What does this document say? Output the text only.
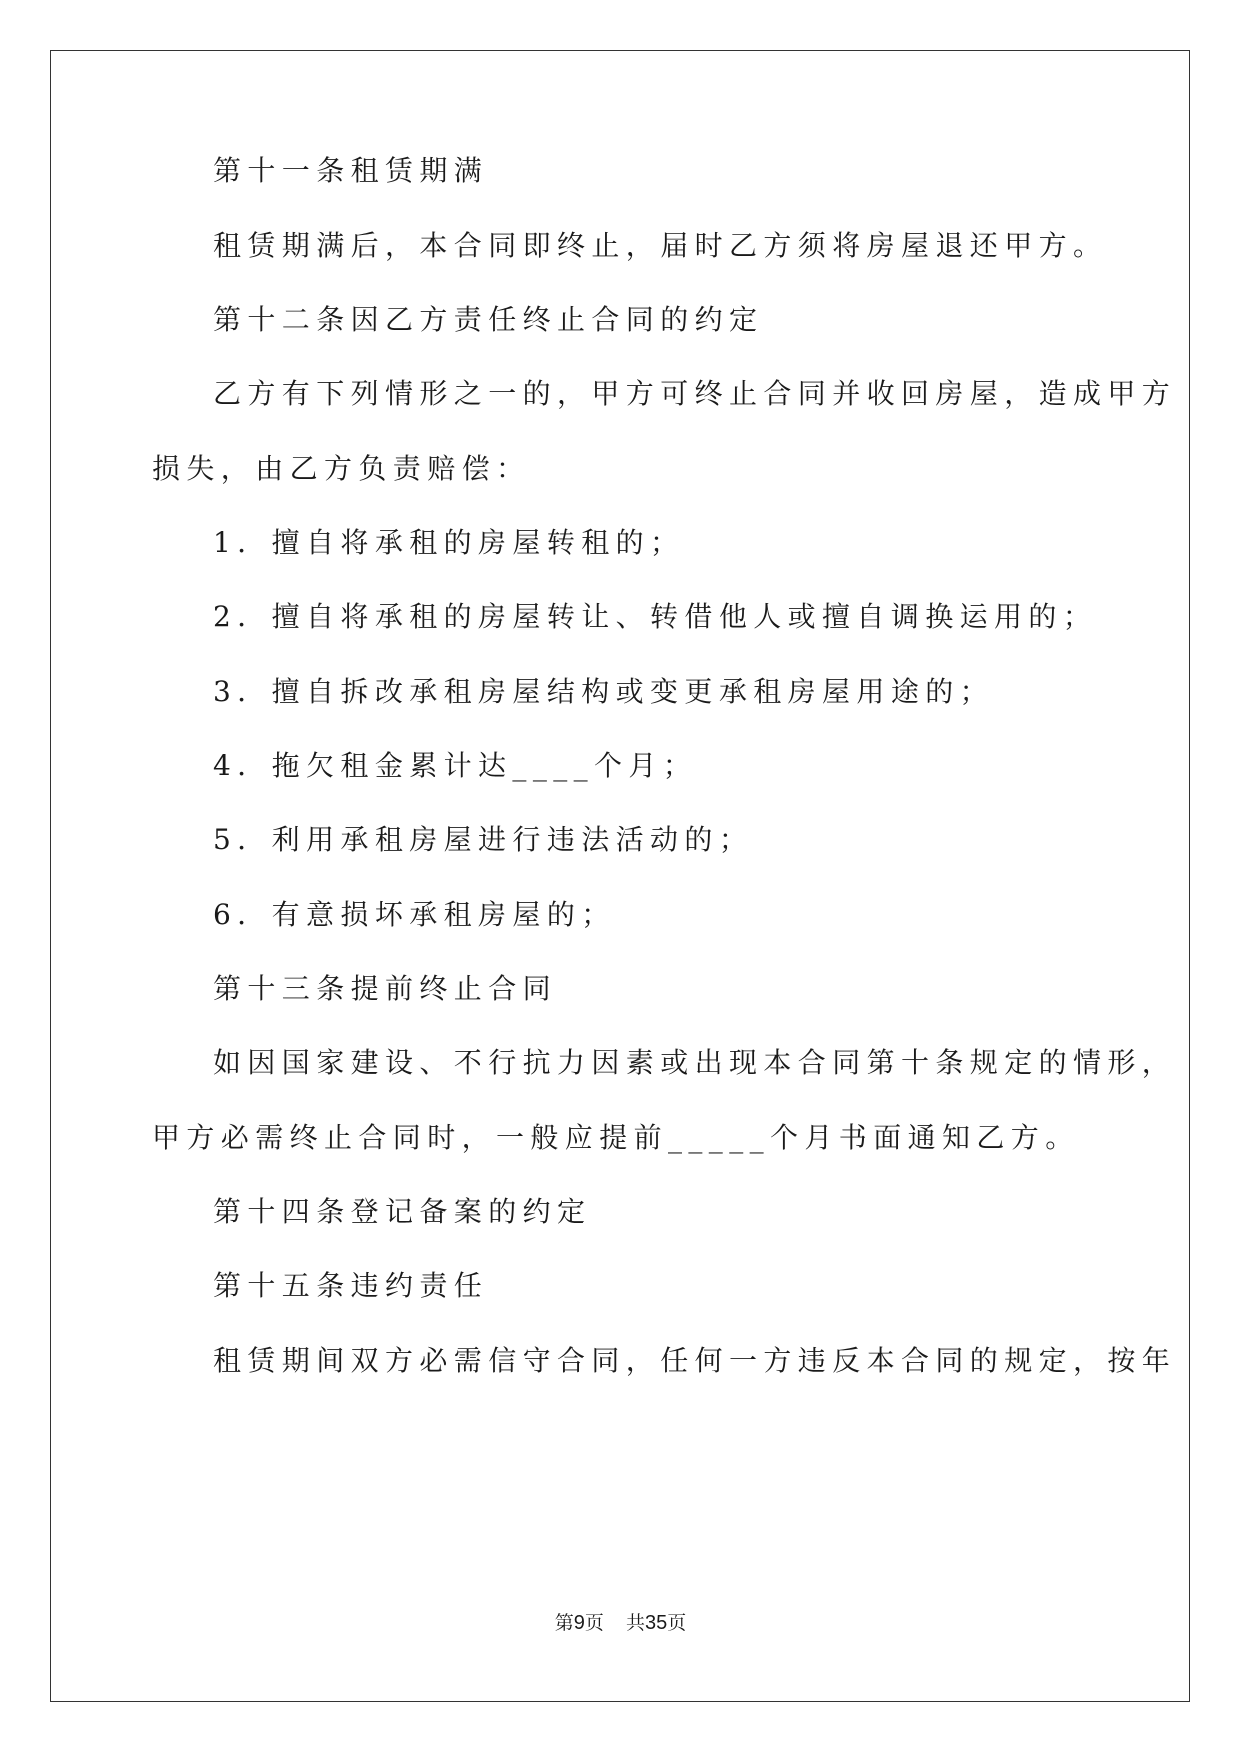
第十一条租赁期满
租赁期满后，本合同即终止，届时乙方须将房屋退还甲方。
第十二条因乙方责任终止合同的约定
乙方有下列情形之一的，甲方可终止合同并收回房屋，造成甲方
损失，由乙方负责赔偿：
1．擅自将承租的房屋转租的；
2．擅自将承租的房屋转让、转借他人或擅自调换运用的；
3．擅自拆改承租房屋结构或变更承租房屋用途的；
4．拖欠租金累计达____个月；
5．利用承租房屋进行违法活动的；
6．有意损坏承租房屋的；
第十三条提前终止合同
如因国家建设、不行抗力因素或出现本合同第十条规定的情形，
甲方必需终止合同时，一般应提前_____个月书面通知乙方。
第十四条登记备案的约定
第十五条违约责任
租赁期间双方必需信守合同，任何一方违反本合同的规定，按年
第9页 共35页
